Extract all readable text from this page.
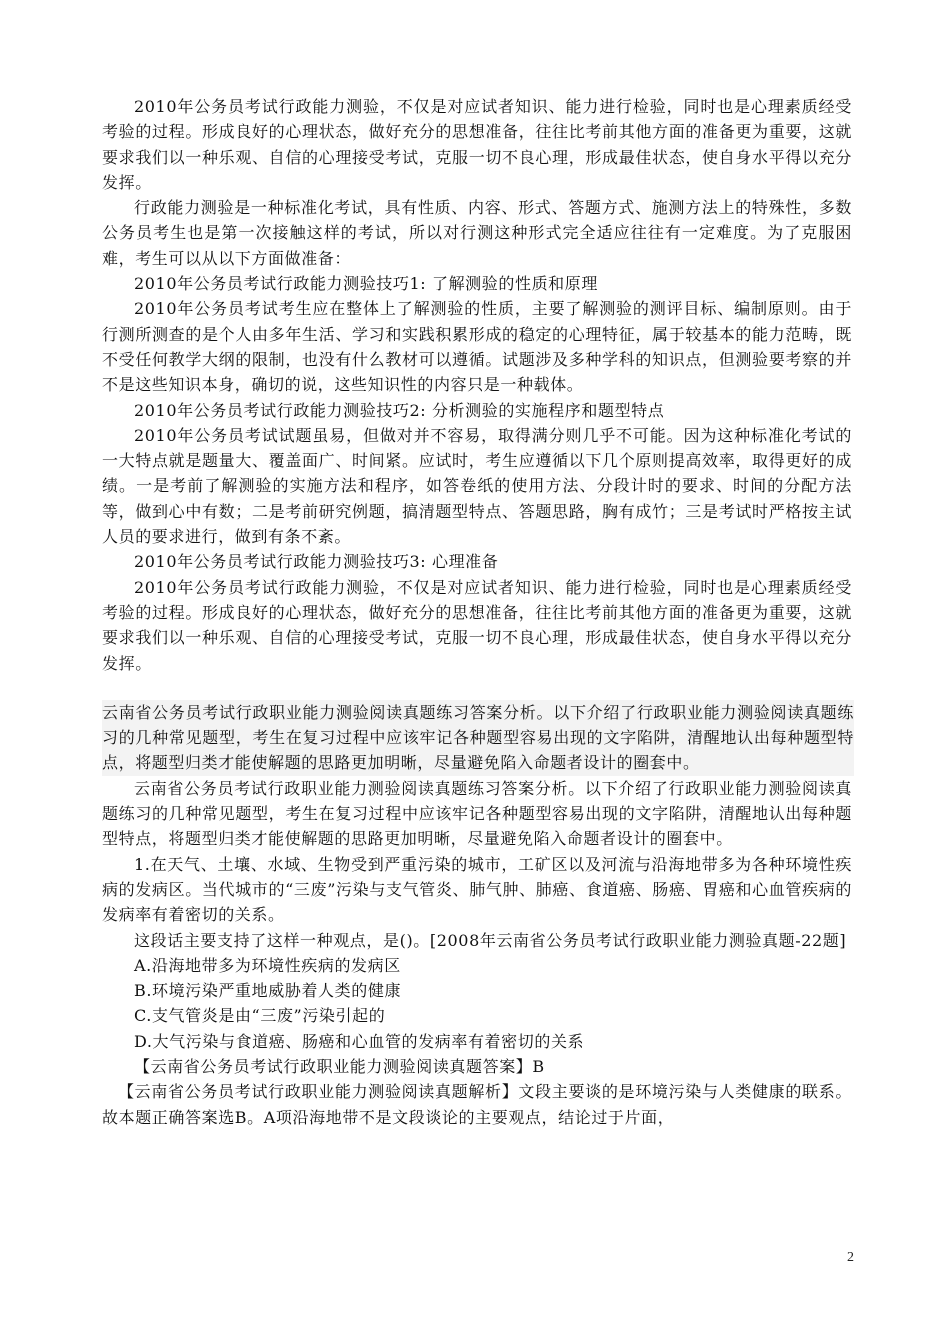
2010年公务员考试行政能力测验，不仅是对应试者知识、能力进行检验，同时也是心理素质经受考验的过程。形成良好的心理状态，做好充分的思想准备，往往比考前其他方面的准备更为重要，这就要求我们以一种乐观、自信的心理接受考试，克服一切不良心理，形成最佳状态，使自身水平得以充分发挥。

行政能力测验是一种标准化考试，具有性质、内容、形式、答题方式、施测方法上的特殊性，多数公务员考生也是第一次接触这样的考试，所以对行测这种形式完全适应往往有一定难度。为了克服困难，考生可以从以下方面做准备：

2010年公务员考试行政能力测验技巧1: 了解测验的性质和原理

2010年公务员考试考生应在整体上了解测验的性质，主要了解测验的测评目标、编制原则。由于行测所测查的是个人由多年生活、学习和实践积累形成的稳定的心理特征，属于较基本的能力范畴，既不受任何教学大纲的限制，也没有什么教材可以遵循。试题涉及多种学科的知识点，但测验要考察的并不是这些知识本身，确切的说，这些知识性的内容只是一种载体。

2010年公务员考试行政能力测验技巧2: 分析测验的实施程序和题型特点

2010年公务员考试试题虽易，但做对并不容易，取得满分则几乎不可能。因为这种标准化考试的一大特点就是题量大、覆盖面广、时间紧。应试时，考生应遵循以下几个原则提高效率，取得更好的成绩。一是考前了解测验的实施方法和程序，如答卷纸的使用方法、分段计时的要求、时间的分配方法等，做到心中有数；二是考前研究例题，搞清题型特点、答题思路，胸有成竹；三是考试时严格按主试人员的要求进行，做到有条不紊。

2010年公务员考试行政能力测验技巧3: 心理准备

2010年公务员考试行政能力测验，不仅是对应试者知识、能力进行检验，同时也是心理素质经受考验的过程。形成良好的心理状态，做好充分的思想准备，往往比考前其他方面的准备更为重要，这就要求我们以一种乐观、自信的心理接受考试，克服一切不良心理，形成最佳状态，使自身水平得以充分发挥。

云南省公务员考试行政职业能力测验阅读真题练习答案分析。以下介绍了行政职业能力测验阅读真题练习的几种常见题型，考生在复习过程中应该牢记各种题型容易出现的文字陷阱，清醒地认出每种题型特点，将题型归类才能使解题的思路更加明晰，尽量避免陷入命题者设计的圈套中。

云南省公务员考试行政职业能力测验阅读真题练习答案分析。以下介绍了行政职业能力测验阅读真题练习的几种常见题型，考生在复习过程中应该牢记各种题型容易出现的文字陷阱，清醒地认出每种题型特点，将题型归类才能使解题的思路更加明晰，尽量避免陷入命题者设计的圈套中。

1.在天气、土壤、水域、生物受到严重污染的城市，工矿区以及河流与沿海地带多为各种环境性疾病的发病区。当代城市的“三废”污染与支气管炎、肺气肿、肺癌、食道癌、肠癌、胃癌和心血管疾病的发病率有着密切的关系。

这段话主要支持了这样一种观点，是()。[2008年云南省公务员考试行政职业能力测验真题-22题]

A.沿海地带多为环境性疾病的发病区

B.环境污染严重地威胁着人类的健康

C.支气管炎是由“三废”污染引起的

D.大气污染与食道癌、肠癌和心血管的发病率有着密切的关系

【云南省公务员考试行政职业能力测验阅读真题答案】B

【云南省公务员考试行政职业能力测验阅读真题解析】文段主要谈的是环境污染与人类健康的联系。故本题正确答案选B。A项沿海地带不是文段谈论的主要观点，结论过于片面，

2
